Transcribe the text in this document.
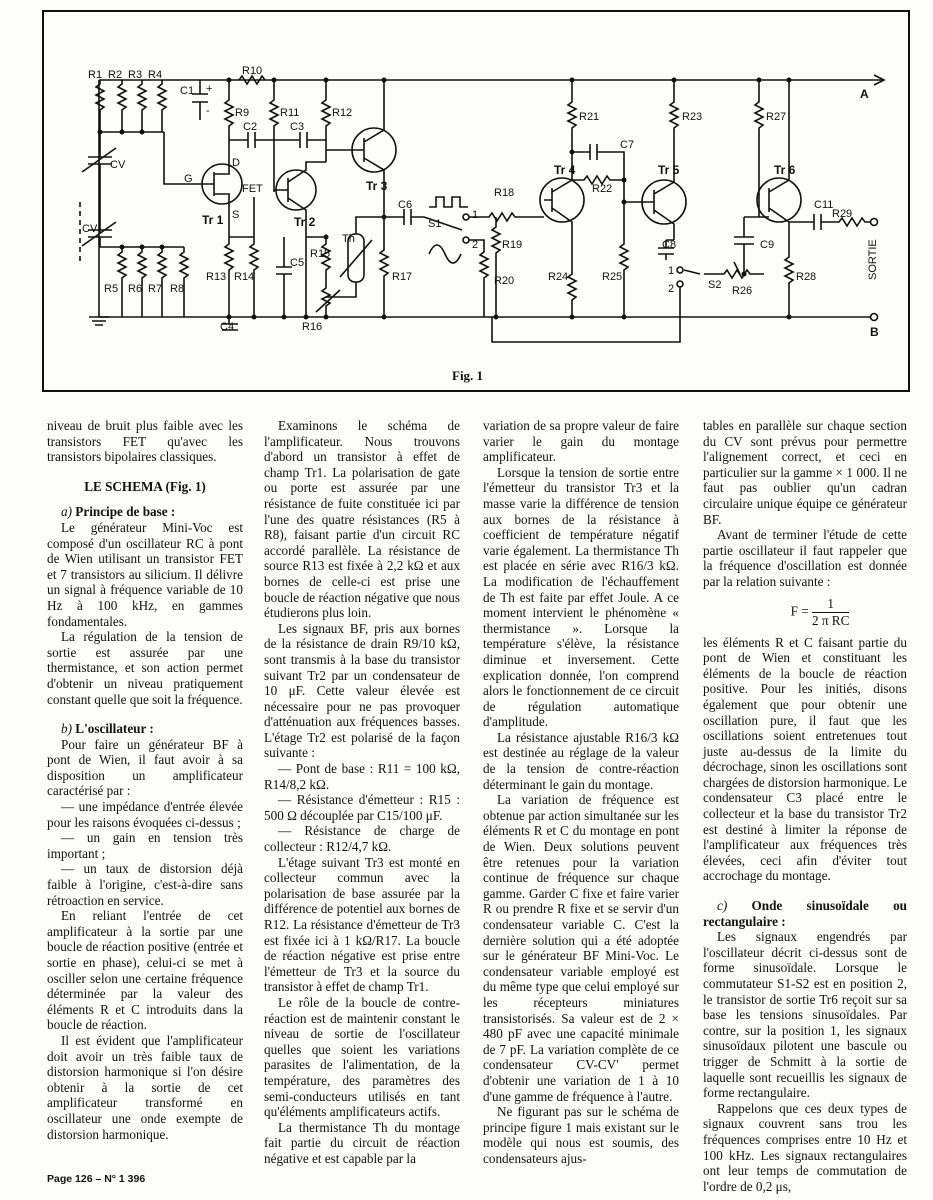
R1 R2 R3 R4
R5 R6 R7 R8
R9
R10
R11	R12
R13 R14
R15
R16
R17
R18
R19
R20
R21
R22
R23
R24	R25
R26
R27
R28
R29
C1
C2	C3
C4
C5
C6
C7
C8	C9
C11
CV
CV	S1
S2
Th
Tr 1	Tr 2
Tr 3
Tr 4	Tr 5	Tr 6
FET
G
D
S
+
-
A
B
SORTIE
1
2
1
2
Fig. 1

niveau de bruit plus faible avec les transistors FET qu'avec les transistors bipolaires classiques.

LE SCHEMA (Fig. 1)
a) Principe de base :

Le générateur Mini-Voc est composé d'un oscillateur RC à pont de Wien utilisant un transistor FET et 7 transistors au silicium. Il délivre un signal à fréquence variable de 10 Hz à 100 kHz, en gammes fondamentales.

La régulation de la tension de sortie est assurée par une thermistance, et son action permet d'obtenir un niveau pratiquement constant quelle que soit la fréquence.

b) L'oscillateur :

Pour faire un générateur BF à pont de Wien, il faut avoir à sa disposition un amplificateur caractérisé par :

— une impédance d'entrée élevée pour les raisons évoquées ci-dessus ;

— un gain en tension très important ;

— un taux de distorsion déjà faible à l'origine, c'est-à-dire sans rétroaction en service.

En reliant l'entrée de cet amplificateur à la sortie par une boucle de réaction positive (entrée et sortie en phase), celui-ci se met à osciller selon une certaine fréquence déterminée par la valeur des éléments R et C introduits dans la boucle de réaction.

Il est évident que l'amplificateur doit avoir un très faible taux de distorsion harmonique si l'on désire obtenir à la sortie de cet amplificateur transformé en oscillateur une onde exempte de distorsion harmonique.

Examinons le schéma de l'amplificateur. Nous trouvons d'abord un transistor à effet de champ Tr1. La polarisation de gate ou porte est assurée par une résistance de fuite constituée ici par l'une des quatre résistances (R5 à R8), faisant partie d'un circuit RC accordé parallèle. La résistance de source R13 est fixée à 2,2 kΩ et aux bornes de celle-ci est prise une boucle de réaction négative que nous étudierons plus loin.

Les signaux BF, pris aux bornes de la résistance de drain R9/10 kΩ, sont transmis à la base du transistor suivant Tr2 par un condensateur de 10 μF. Cette valeur élevée est nécessaire pour ne pas provoquer d'atténuation aux fréquences basses. L'étage Tr2 est polarisé de la façon suivante :

— Pont de base : R11 = 100 kΩ, R14/8,2 kΩ.

— Résistance d'émetteur : R15 : 500 Ω découplée par C15/100 μF.

— Résistance de charge de collecteur : R12/4,7 kΩ.

L'étage suivant Tr3 est monté en collecteur commun avec la polarisation de base assurée par la différence de potentiel aux bornes de R12. La résistance d'émetteur de Tr3 est fixée ici à 1 kΩ/R17. La boucle de réaction négative est prise entre l'émetteur de Tr3 et la source du transistor à effet de champ Tr1.

Le rôle de la boucle de contre-réaction est de maintenir constant le niveau de sortie de l'oscillateur quelles que soient les variations parasites de l'alimentation, de la température, des paramètres des semi-conducteurs utilisés en tant qu'éléments amplificateurs actifs.

La thermistance Th du montage fait partie du circuit de réaction négative et est capable par la

variation de sa propre valeur de faire varier le gain du montage amplificateur.

Lorsque la tension de sortie entre l'émetteur du transistor Tr3 et la masse varie la différence de tension aux bornes de la résistance à coefficient de température négatif varie également. La thermistance Th est placée en série avec R16/3 kΩ. La modification de l'échauffement de Th est faite par effet Joule. A ce moment intervient le phénomène « thermistance ». Lorsque la température s'élève, la résistance diminue et inversement. Cette explication donnée, l'on comprend alors le fonctionnement de ce circuit de régulation automatique d'amplitude.

La résistance ajustable R16/3 kΩ est destinée au réglage de la valeur de la tension de contre-réaction déterminant le gain du montage.

La variation de fréquence est obtenue par action simultanée sur les éléments R et C du montage en pont de Wien. Deux solutions peuvent être retenues pour la variation continue de fréquence sur chaque gamme. Garder C fixe et faire varier R ou prendre R fixe et se servir d'un condensateur variable C. C'est la dernière solution qui a été adoptée sur le générateur BF Mini-Voc. Le condensateur variable employé est du même type que celui employé sur les récepteurs miniatures transistorisés. Sa valeur est de 2 × 480 pF avec une capacité minimale de 7 pF. La variation complète de ce condensateur CV-CV' permet d'obtenir une variation de 1 à 10 d'une gamme de fréquence à l'autre.

Ne figurant pas sur le schéma de principe figure 1 mais existant sur le modèle qui nous est soumis, des condensateurs ajus-

tables en parallèle sur chaque section du CV sont prévus pour permettre l'alignement correct, et ceci en particulier sur la gamme × 1 000. Il ne faut pas oublier qu'un cadran circulaire unique équipe ce générateur BF.

Avant de terminer l'étude de cette partie oscillateur il faut rappeler que la fréquence d'oscillation est donnée par la relation suivante :

$F = \frac{1}{\text{2 π RC}}$

les éléments R et C faisant partie du pont de Wien et constituant les éléments de la boucle de réaction positive. Pour les initiés, disons également que pour obtenir une oscillation pure, il faut que les oscillations soient entretenues tout juste au-dessus de la limite du décrochage, sinon les oscillations sont chargées de distorsion harmonique. Le condensateur C3 placé entre le collecteur et la base du transistor Tr2 est destiné à limiter la réponse de l'amplificateur aux fréquences très élevées, ceci afin d'éviter tout accrochage du montage.

c) Onde sinusoïdale ou rectangulaire :

Les signaux engendrés par l'oscillateur décrit ci-dessus sont de forme sinusoïdale. Lorsque le commutateur S1-S2 est en position 2, le transistor de sortie Tr6 reçoit sur sa base les tensions sinusoïdales. Par contre, sur la position 1, les signaux sinusoïdaux pilotent une bascule ou trigger de Schmitt à la sortie de laquelle sont recueillis les signaux de forme rectangulaire.

Rappelons que ces deux types de signaux couvrent sans trou les fréquences comprises entre 10 Hz et 100 kHz. Les signaux rectangulaires ont leur temps de commutation de l'ordre de 0,2 μs,

Page 126 – N° 1 396
